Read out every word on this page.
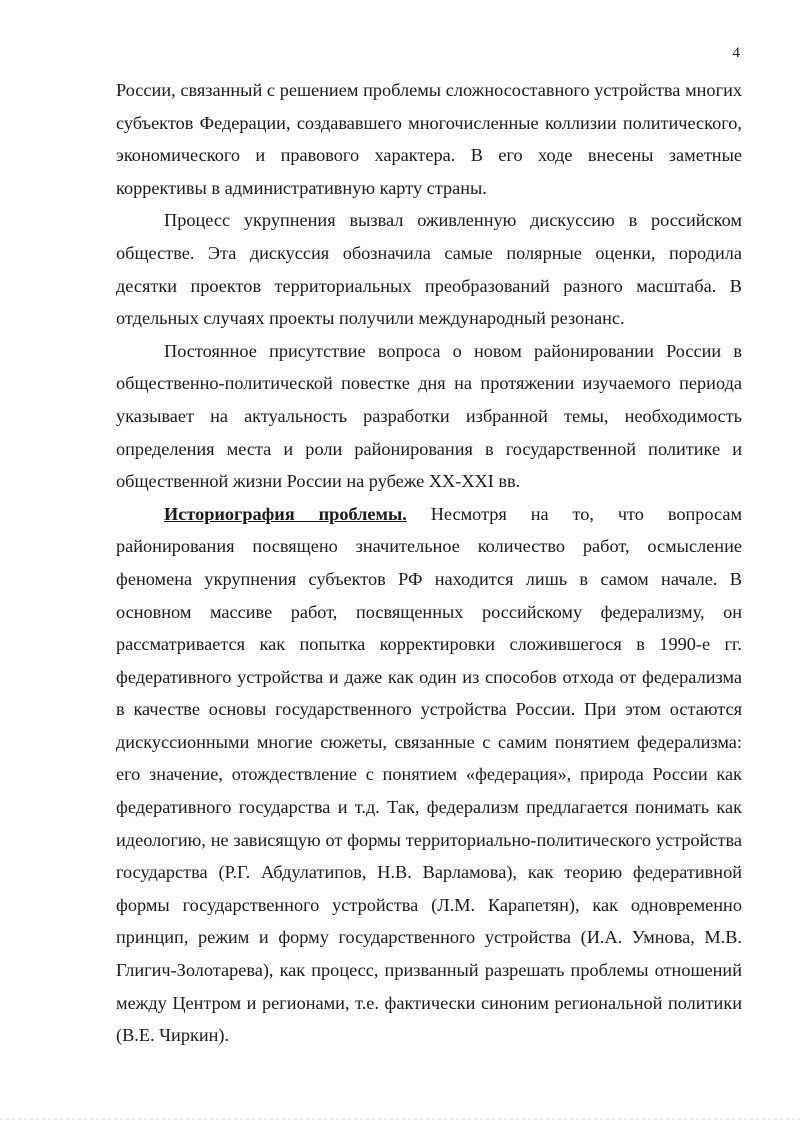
4

России, связанный с решением проблемы сложносоставного устройства многих субъектов Федерации, создававшего многочисленные коллизии политического, экономического и правового характера. В его ходе внесены заметные коррективы в административную карту страны.

Процесс укрупнения вызвал оживленную дискуссию в российском обществе. Эта дискуссия обозначила самые полярные оценки, породила десятки проектов территориальных преобразований разного масштаба. В отдельных случаях проекты получили международный резонанс.

Постоянное присутствие вопроса о новом районировании России в общественно-политической повестке дня на протяжении изучаемого периода указывает на актуальность разработки избранной темы, необходимость определения места и роли районирования в государственной политике и общественной жизни России на рубеже XX-XXI вв.

Историография проблемы. Несмотря на то, что вопросам районирования посвящено значительное количество работ, осмысление феномена укрупнения субъектов РФ находится лишь в самом начале. В основном массиве работ, посвященных российскому федерализму, он рассматривается как попытка корректировки сложившегося в 1990-е гг. федеративного устройства и даже как один из способов отхода от федерализма в качестве основы государственного устройства России. При этом остаются дискуссионными многие сюжеты, связанные с самим понятием федерализма: его значение, отождествление с понятием «федерация», природа России как федеративного государства и т.д. Так, федерализм предлагается понимать как идеологию, не зависящую от формы территориально-политического устройства государства (Р.Г. Абдулатипов, Н.В. Варламова), как теорию федеративной формы государственного устройства (Л.М. Карапетян), как одновременно принцип, режим и форму государственного устройства (И.А. Умнова, М.В. Глигич-Золотарева), как процесс, призванный разрешать проблемы отношений между Центром и регионами, т.е. фактически синоним региональной политики (В.Е. Чиркин).
